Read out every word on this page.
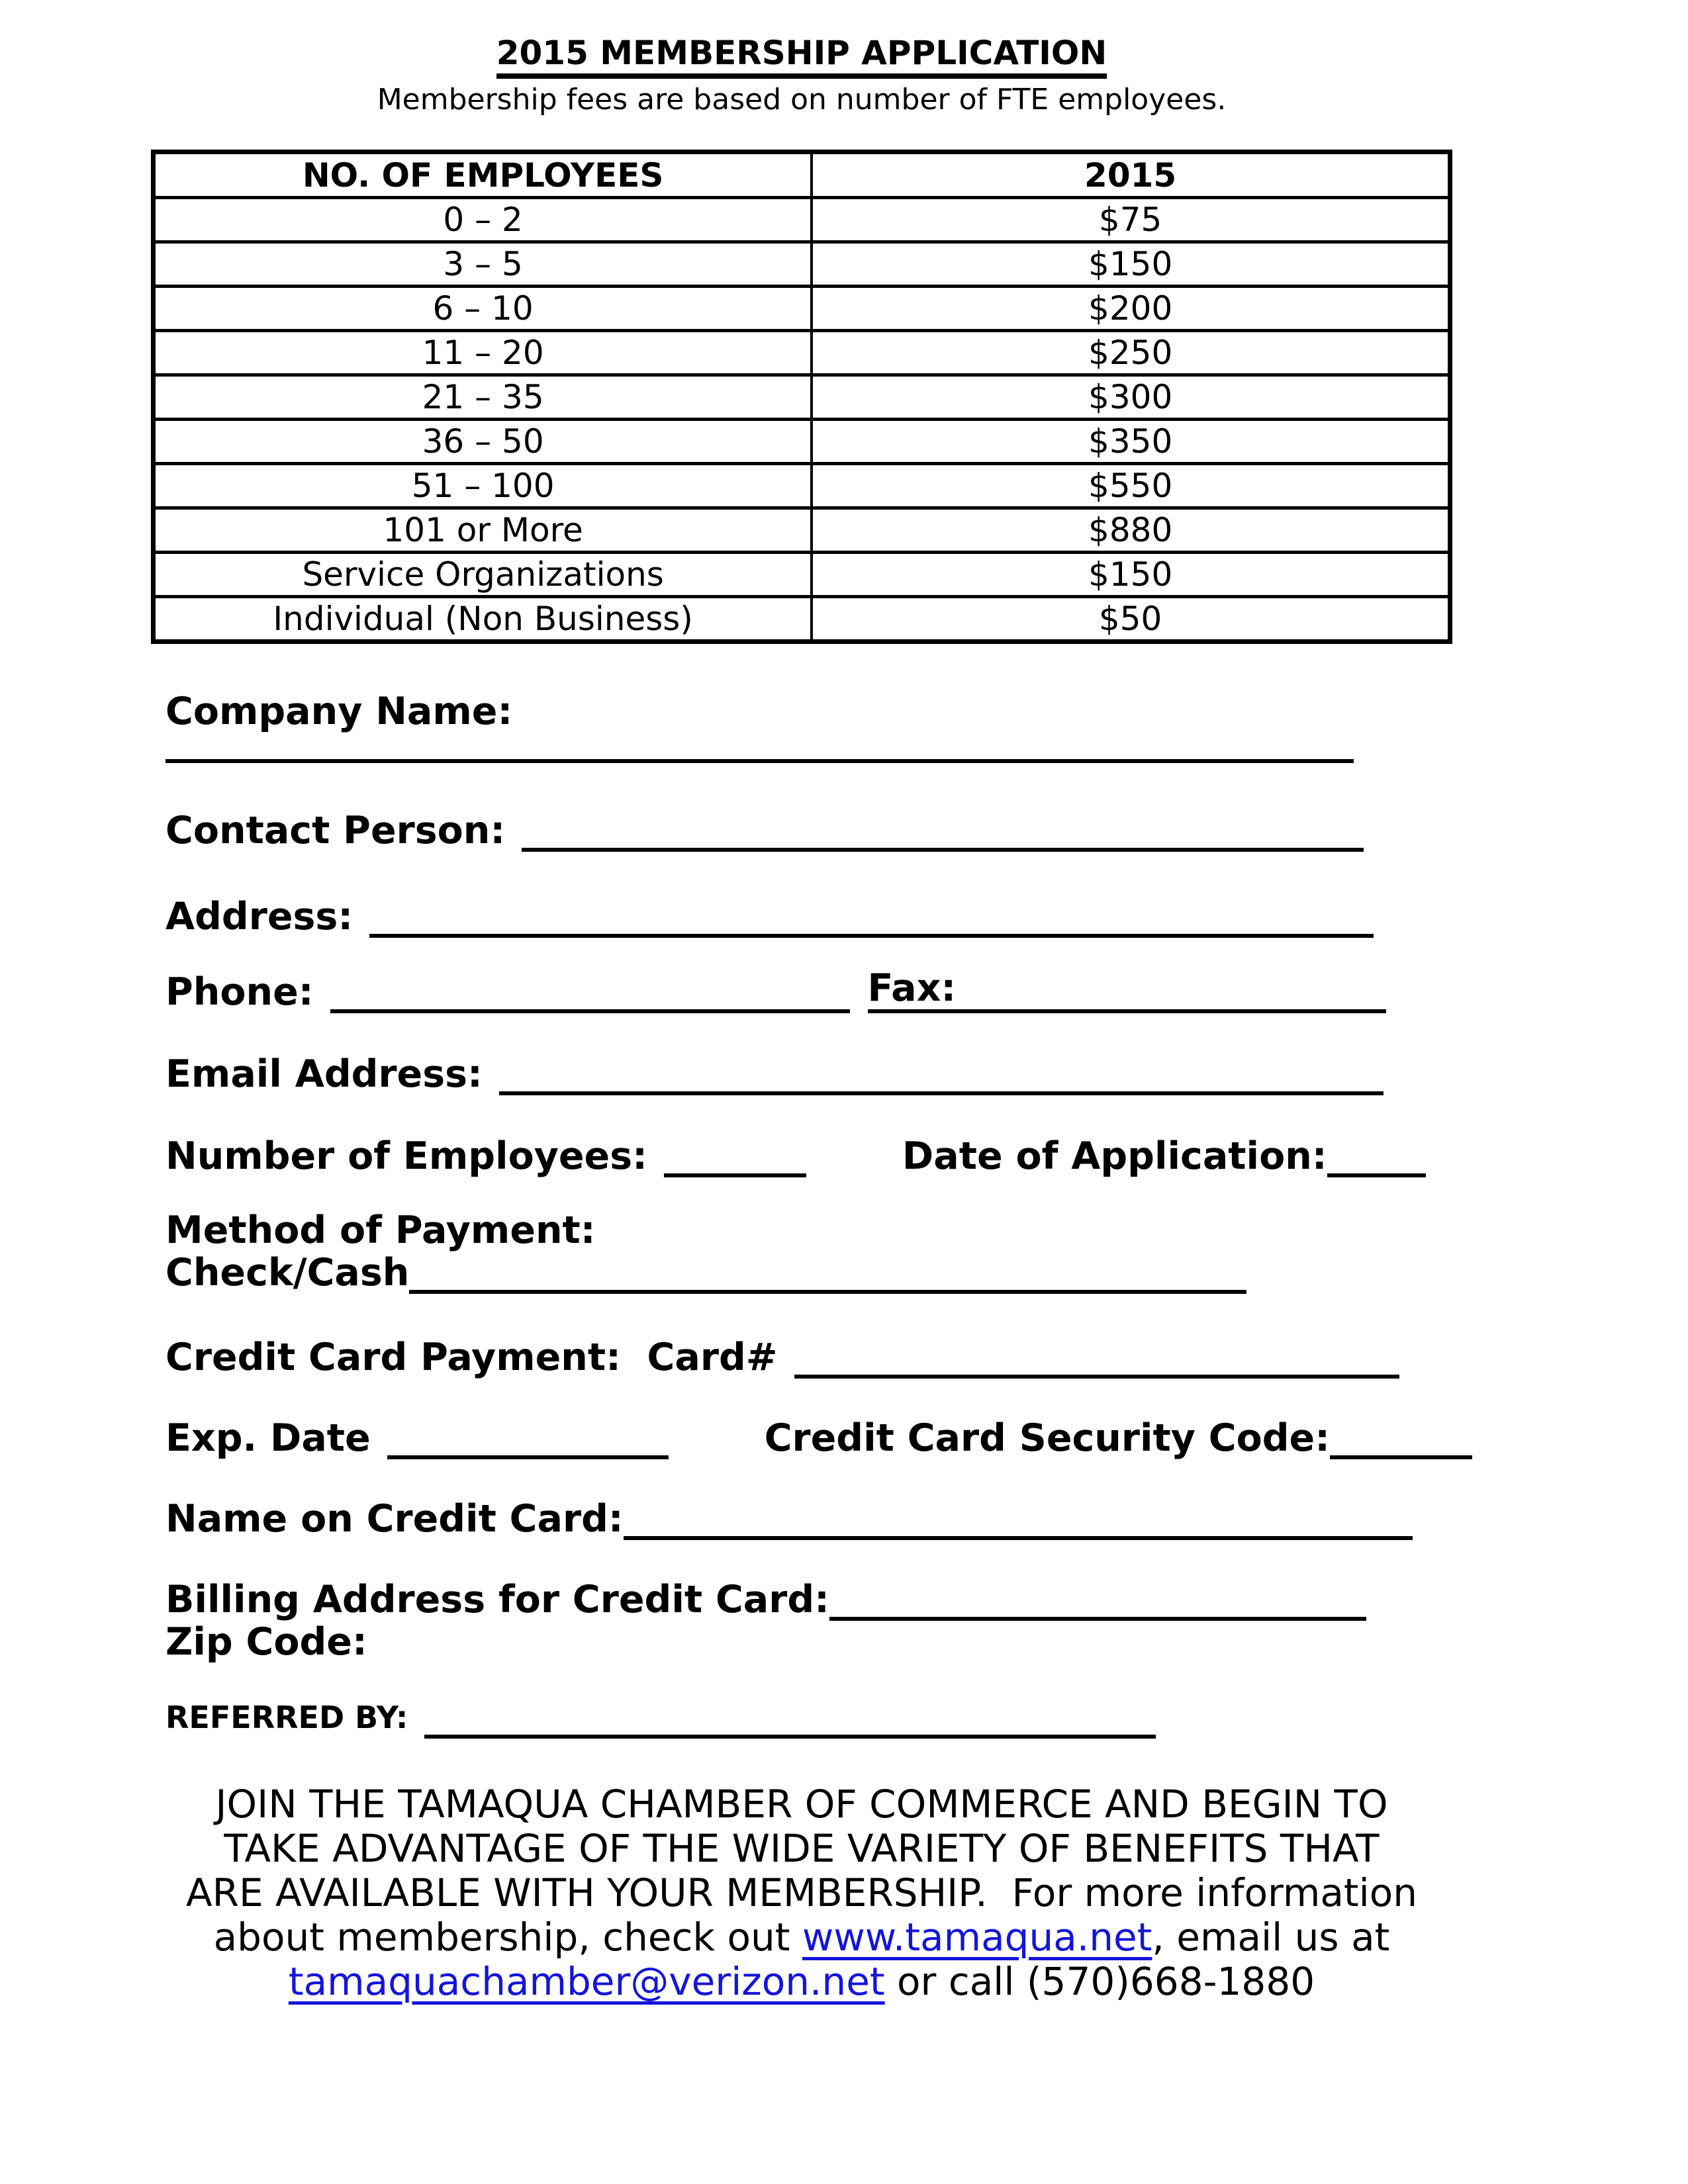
2015 MEMBERSHIP APPLICATION
Membership fees are based on number of FTE employees.
NO. OF EMPLOYEES	2015
0 – 2	$75
3 – 5	$150
6 – 10	$200
11 – 20	$250
21 – 35	$300
36 – 50	$350
51 – 100	$550
101 or More	$880
Service Organizations	$150
Individual (Non Business)	$50
Company Name:
Contact Person:
Address:
Phone:	Fax:
Email Address:
Number of Employees:	Date of Application:
Method of Payment:
Check/Cash
Credit Card Payment:  Card#
Exp. Date	Credit Card Security Code:
Name on Credit Card:
Billing Address for Credit Card:
Zip Code:
REFERRED BY:
JOIN THE TAMAQUA CHAMBER OF COMMERCE AND BEGIN TO
TAKE ADVANTAGE OF THE WIDE VARIETY OF BENEFITS THAT
ARE AVAILABLE WITH YOUR MEMBERSHIP.  For more information
about membership, check out www.tamaqua.net, email us at
tamaquachamber@verizon.net or call (570)668-1880
